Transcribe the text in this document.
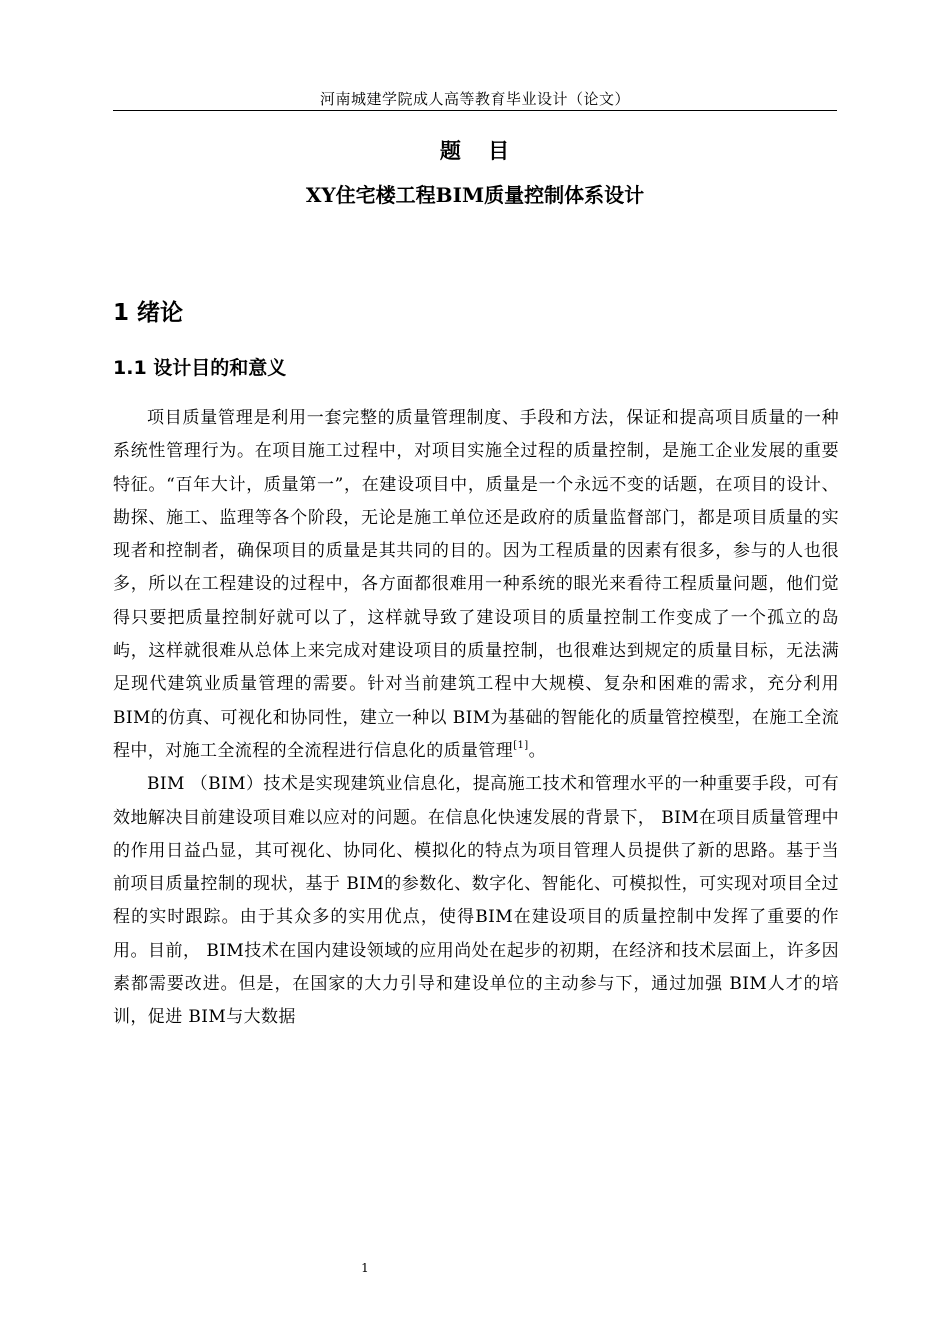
河南城建学院成人高等教育毕业设计（论文）
题 目
XY住宅楼工程BIM质量控制体系设计
1 绪论
1.1 设计目的和意义

项目质量管理是利用一套完整的质量管理制度、手段和方法，保证和提高项目质量的一种系统性管理行为。在项目施工过程中，对项目实施全过程的质量控制，是施工企业发展的重要特征。“百年大计，质量第一”，在建设项目中，质量是一个永远不变的话题，在项目的设计、勘探、施工、监理等各个阶段，无论是施工单位还是政府的质量监督部门，都是项目质量的实现者和控制者，确保项目的质量是其共同的目的。因为工程质量的因素有很多，参与的人也很多，所以在工程建设的过程中，各方面都很难用一种系统的眼光来看待工程质量问题，他们觉得只要把质量控制好就可以了，这样就导致了建设项目的质量控制工作变成了一个孤立的岛屿，这样就很难从总体上来完成对建设项目的质量控制，也很难达到规定的质量目标，无法满足现代建筑业质量管理的需要。针对当前建筑工程中大规模、复杂和困难的需求，充分利用 BIM的仿真、可视化和协同性，建立一种以 BIM为基础的智能化的质量管控模型，在施工全流程中，对施工全流程的全流程进行信息化的质量管理[1]。

BIM （BIM）技术是实现建筑业信息化，提高施工技术和管理水平的一种重要手段，可有效地解决目前建设项目难以应对的问题。在信息化快速发展的背景下， BIM在项目质量管理中的作用日益凸显，其可视化、协同化、模拟化的特点为项目管理人员提供了新的思路。基于当前项目质量控制的现状，基于 BIM的参数化、数字化、智能化、可模拟性，可实现对项目全过程的实时跟踪。由于其众多的实用优点，使得BIM在建设项目的质量控制中发挥了重要的作用。目前， BIM技术在国内建设领域的应用尚处在起步的初期，在经济和技术层面上，许多因素都需要改进。但是，在国家的大力引导和建设单位的主动参与下，通过加强 BIM人才的培训，促进 BIM与大数据

1
